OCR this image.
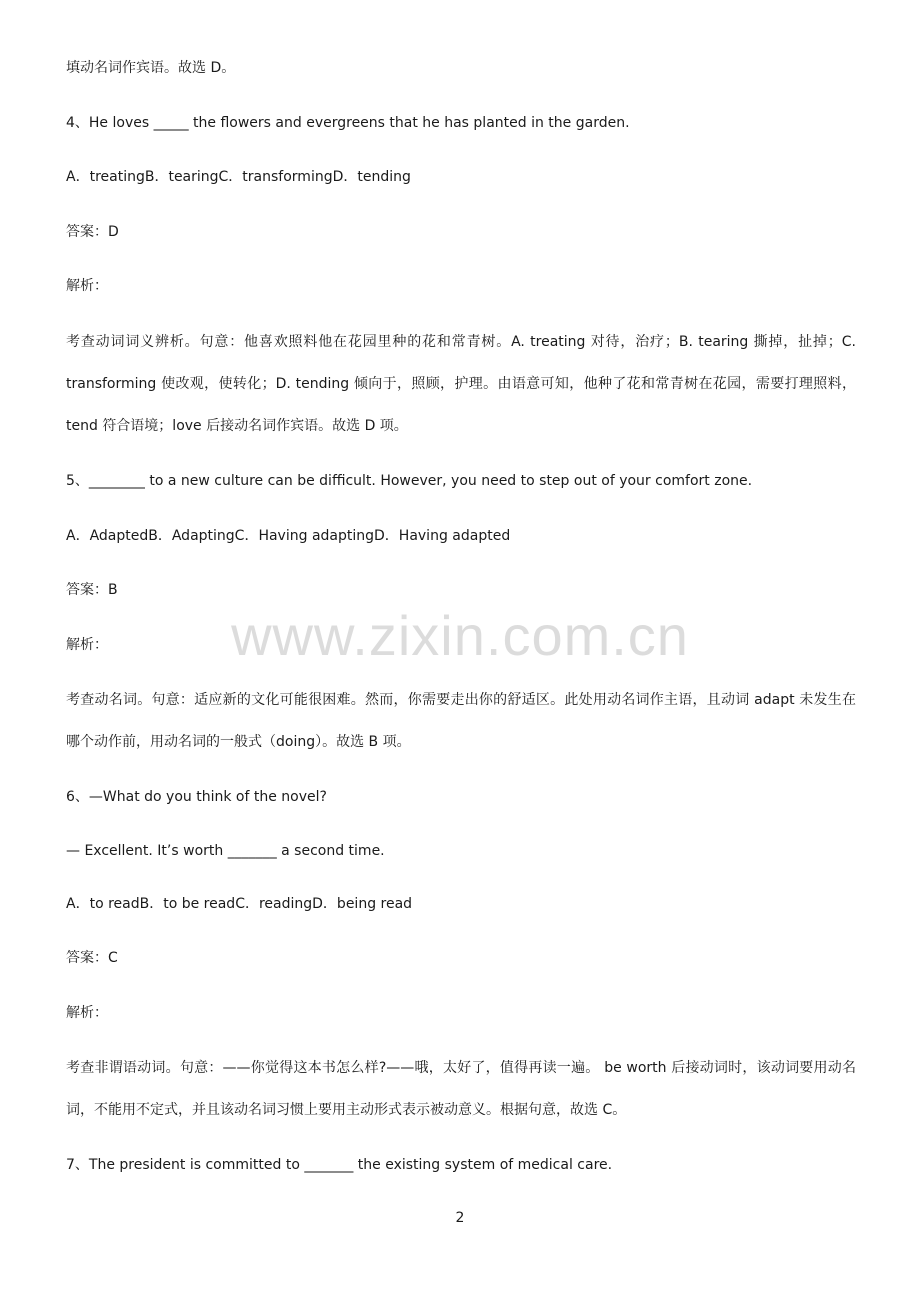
填动名词作宾语。故选 D。
4、He loves _____ the flowers and evergreens that he has planted in the garden.
A．treatingB．tearingC．transformingD．tending
答案：D
解析：
考查动词词义辨析。句意：他喜欢照料他在花园里种的花和常青树。A. treating 对待，治疗；B. tearing 撕掉，扯掉；C. transforming 使改观，使转化；D. tending 倾向于，照顾，护理。由语意可知，他种了花和常青树在花园，需要打理照料，tend 符合语境；love 后接动名词作宾语。故选 D 项。
5、________ to a new culture can be difficult. However, you need to step out of your comfort zone.
A．AdaptedB．AdaptingC．Having adaptingD．Having adapted
答案：B
解析：
考查动名词。句意：适应新的文化可能很困难。然而，你需要走出你的舒适区。此处用动名词作主语，且动词 adapt 未发生在哪个动作前，用动名词的一般式（doing）。故选 B 项。
6、—What do you think of the novel?
— Excellent. It’s worth _______ a second time.
A．to readB．to be readC．readingD．being read
答案：C
解析：
考查非谓语动词。句意：——你觉得这本书怎么样?——哦，太好了，值得再读一遍。 be worth 后接动词时，该动词要用动名词，不能用不定式，并且该动名词习惯上要用主动形式表示被动意义。根据句意，故选 C。
7、The president is committed to _______ the existing system of medical care.
www.zixin.com.cn
2
